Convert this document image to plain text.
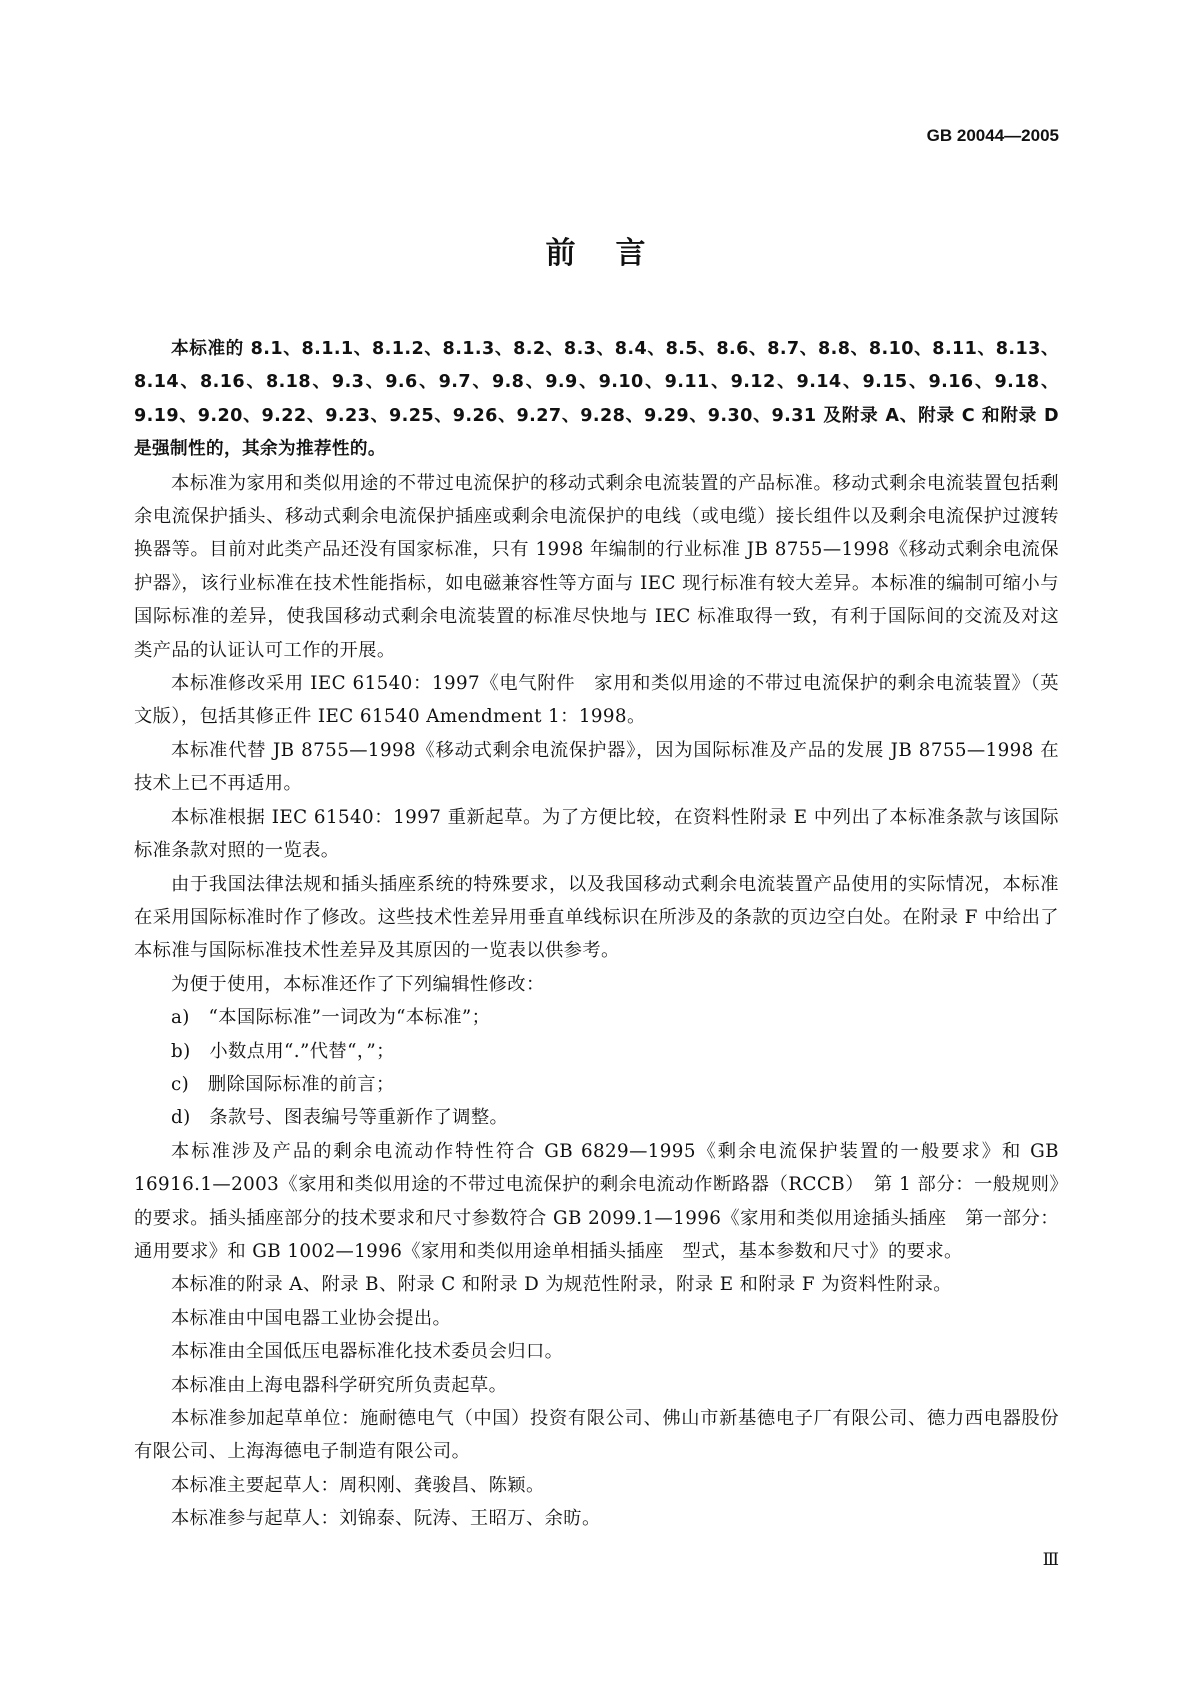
GB 20044—2005

前言

本标准的 8.1、8.1.1、8.1.2、8.1.3、8.2、8.3、8.4、8.5、8.6、8.7、8.8、8.10、8.11、8.13、8.14、8.16、8.18、9.3、9.6、9.7、9.8、9.9、9.10、9.11、9.12、9.14、9.15、9.16、9.18、9.19、9.20、9.22、9.23、9.25、9.26、9.27、9.28、9.29、9.30、9.31 及附录 A、附录 C 和附录 D 是强制性的，其余为推荐性的。

本标准为家用和类似用途的不带过电流保护的移动式剩余电流装置的产品标准。移动式剩余电流装置包括剩余电流保护插头、移动式剩余电流保护插座或剩余电流保护的电线（或电缆）接长组件以及剩余电流保护过渡转换器等。目前对此类产品还没有国家标准，只有 1998 年编制的行业标准 JB 8755—1998《移动式剩余电流保护器》，该行业标准在技术性能指标，如电磁兼容性等方面与 IEC 现行标准有较大差异。本标准的编制可缩小与国际标准的差异，使我国移动式剩余电流装置的标准尽快地与 IEC 标准取得一致，有利于国际间的交流及对这类产品的认证认可工作的开展。

本标准修改采用 IEC 61540：1997《电气附件　家用和类似用途的不带过电流保护的剩余电流装置》（英文版），包括其修正件 IEC 61540 Amendment 1：1998。

本标准代替 JB 8755—1998《移动式剩余电流保护器》，因为国际标准及产品的发展 JB 8755—1998 在技术上已不再适用。

本标准根据 IEC 61540：1997 重新起草。为了方便比较，在资料性附录 E 中列出了本标准条款与该国际标准条款对照的一览表。

由于我国法律法规和插头插座系统的特殊要求，以及我国移动式剩余电流装置产品使用的实际情况，本标准在采用国际标准时作了修改。这些技术性差异用垂直单线标识在所涉及的条款的页边空白处。在附录 F 中给出了本标准与国际标准技术性差异及其原因的一览表以供参考。

为便于使用，本标准还作了下列编辑性修改：

a)　“本国际标准”一词改为“本标准”；

b)　小数点用“.”代替“，”；

c)　删除国际标准的前言；

d)　条款号、图表编号等重新作了调整。

本标准涉及产品的剩余电流动作特性符合 GB 6829—1995《剩余电流保护装置的一般要求》和 GB 16916.1—2003《家用和类似用途的不带过电流保护的剩余电流动作断路器（RCCB）　第 1 部分：一般规则》的要求。插头插座部分的技术要求和尺寸参数符合 GB 2099.1—1996《家用和类似用途插头插座　第一部分：通用要求》和 GB 1002—1996《家用和类似用途单相插头插座　型式，基本参数和尺寸》的要求。

本标准的附录 A、附录 B、附录 C 和附录 D 为规范性附录，附录 E 和附录 F 为资料性附录。

本标准由中国电器工业协会提出。

本标准由全国低压电器标准化技术委员会归口。

本标准由上海电器科学研究所负责起草。

本标准参加起草单位：施耐德电气（中国）投资有限公司、佛山市新基德电子厂有限公司、德力西电器股份有限公司、上海海德电子制造有限公司。

本标准主要起草人：周积刚、龚骏昌、陈颖。

本标准参与起草人：刘锦泰、阮涛、王昭万、余昉。

Ⅲ
